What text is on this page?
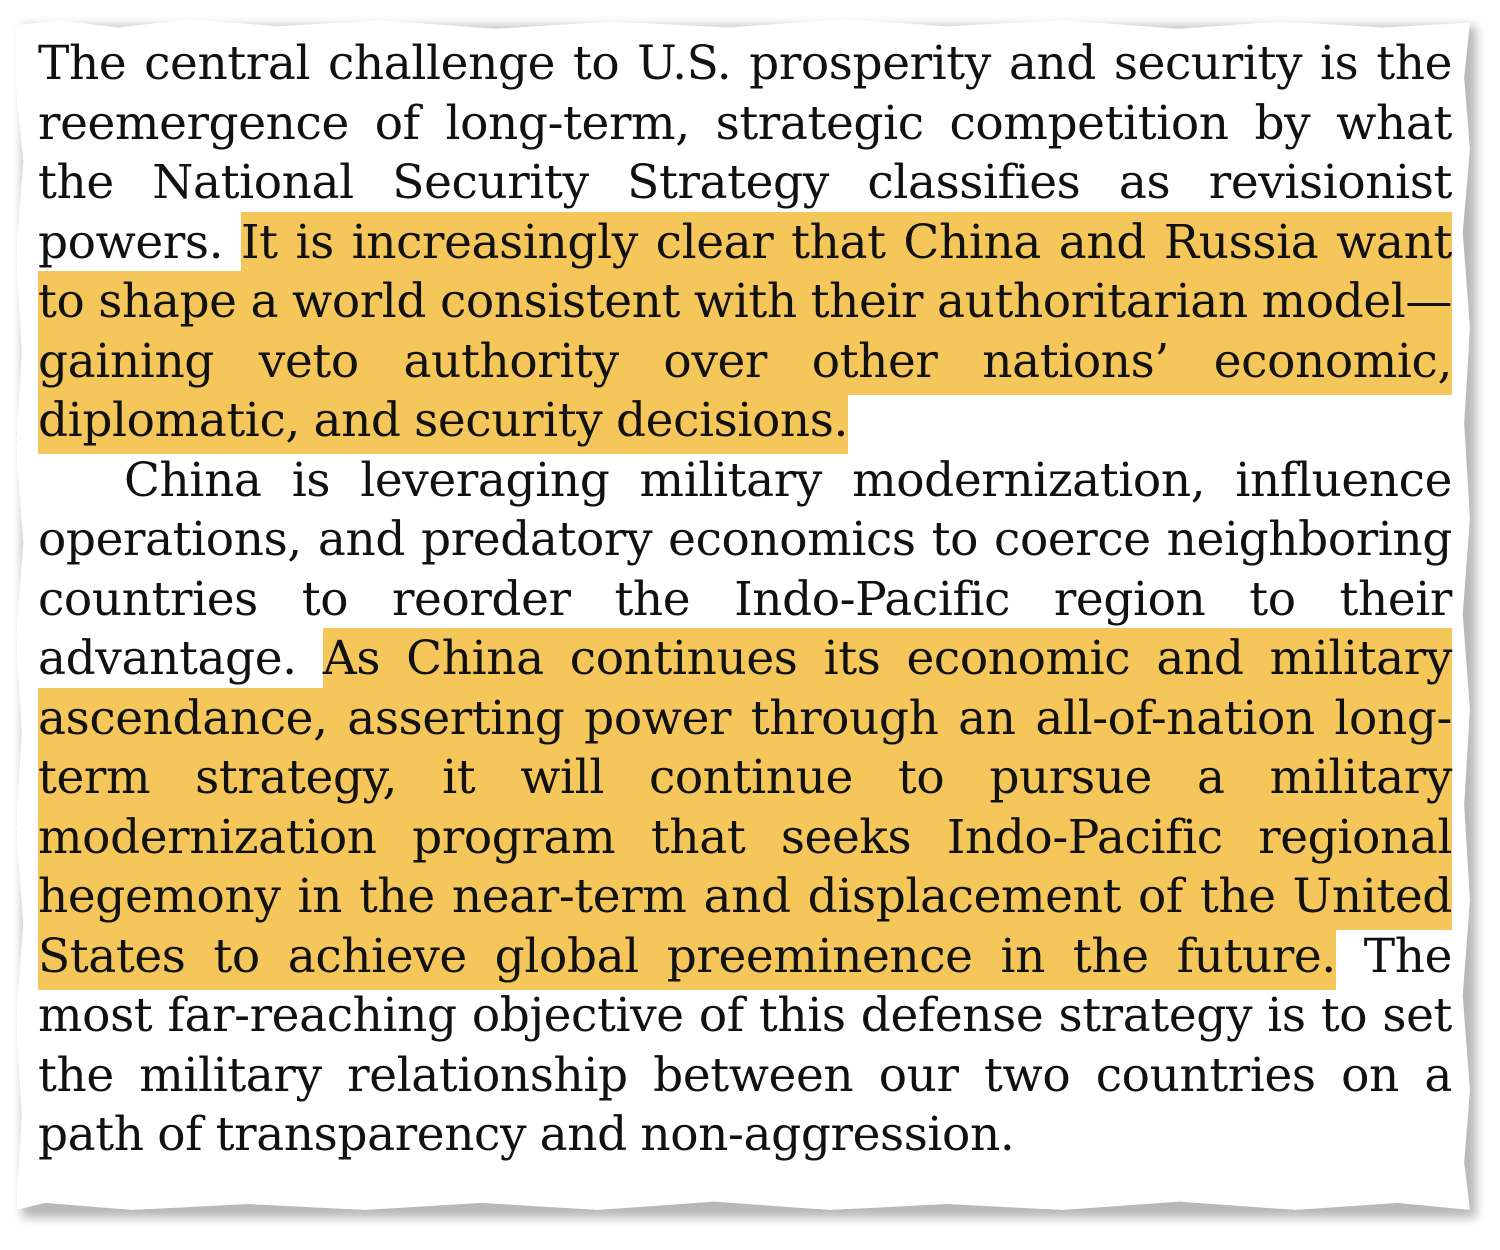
The central challenge to U.S. prosperity and security is the reemergence of long-term, strategic competition by what the National Security Strategy classifies as revisionist powers. It is increasingly clear that China and Russia want to shape a world consistent with their authoritarian model—gaining veto authority over other nations’ economic, diplomatic, and security decisions.

China is leveraging military modernization, influence operations, and predatory economics to coerce neighboring countries to reorder the Indo-Pacific region to their advantage. As China continues its economic and military ascendance, asserting power through an all-of-nation long-term strategy, it will continue to pursue a military modernization program that seeks Indo-Pacific regional hegemony in the near-term and displacement of the United States to achieve global preeminence in the future. The most far-reaching objective of this defense strategy is to set the military relationship between our two countries on a path of transparency and non-aggression.
